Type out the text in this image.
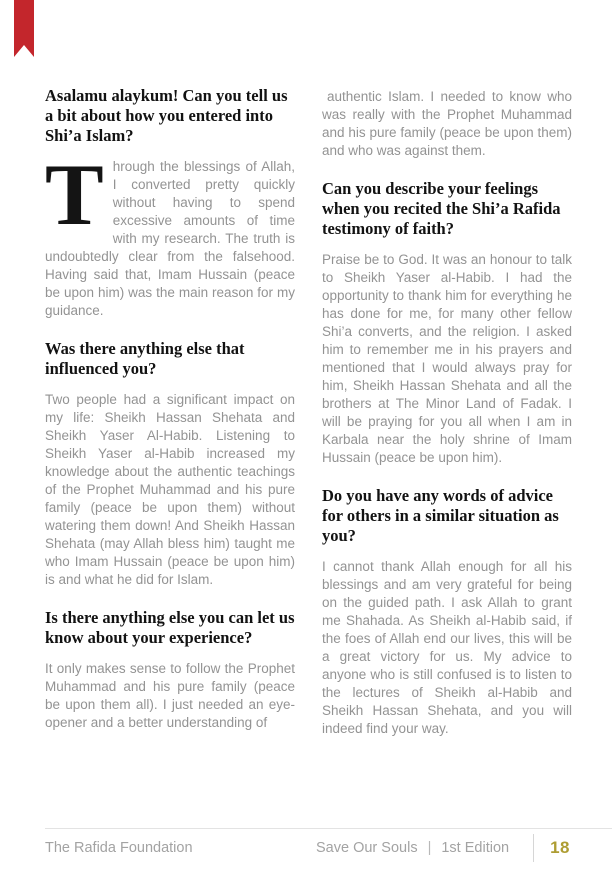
Asalamu alaykum! Can you tell us a bit about how you entered into Shi’a Islam?

Through the blessings of Allah, I converted pretty quickly without having to spend excessive amounts of time with my research. The truth is undoubtedly clear from the falsehood. Having said that, Imam Hussain (peace be upon him) was the main reason for my guidance.

Was there anything else that influenced you?

Two people had a significant impact on my life: Sheikh Hassan Shehata and Sheikh Yaser Al-Habib. Listening to Sheikh Yaser al-Habib increased my knowledge about the authentic teachings of the Prophet Muhammad and his pure family (peace be upon them) without watering them down! And Sheikh Hassan Shehata (may Allah bless him) taught me who Imam Hussain (peace be upon him) is and what he did for Islam.

Is there anything else you can let us know about your experience?

It only makes sense to follow the Prophet Muhammad and his pure family (peace be upon them all). I just needed an eye-opener and a better understanding of

authentic Islam. I needed to know who was really with the Prophet Muhammad and his pure family (peace be upon them) and who was against them.

Can you describe your feelings when you recited the Shi’a Rafida testimony of faith?

Praise be to God. It was an honour to talk to Sheikh Yaser al-Habib. I had the opportunity to thank him for everything he has done for me, for many other fellow Shi’a converts, and the religion. I asked him to remember me in his prayers and mentioned that I would always pray for him, Sheikh Hassan Shehata and all the brothers at The Minor Land of Fadak. I will be praying for you all when I am in Karbala near the holy shrine of Imam Hussain (peace be upon him).

Do you have any words of advice for others in a similar situation as you?

I cannot thank Allah enough for all his blessings and am very grateful for being on the guided path. I ask Allah to grant me Shahada. As Sheikh al-Habib said, if the foes of Allah end our lives, this will be a great victory for us. My advice to anyone who is still confused is to listen to the lectures of Sheikh al-Habib and Sheikh Hassan Shehata, and you will indeed find your way.

The Rafida Foundation	Save Our Souls | 1st Edition 18
